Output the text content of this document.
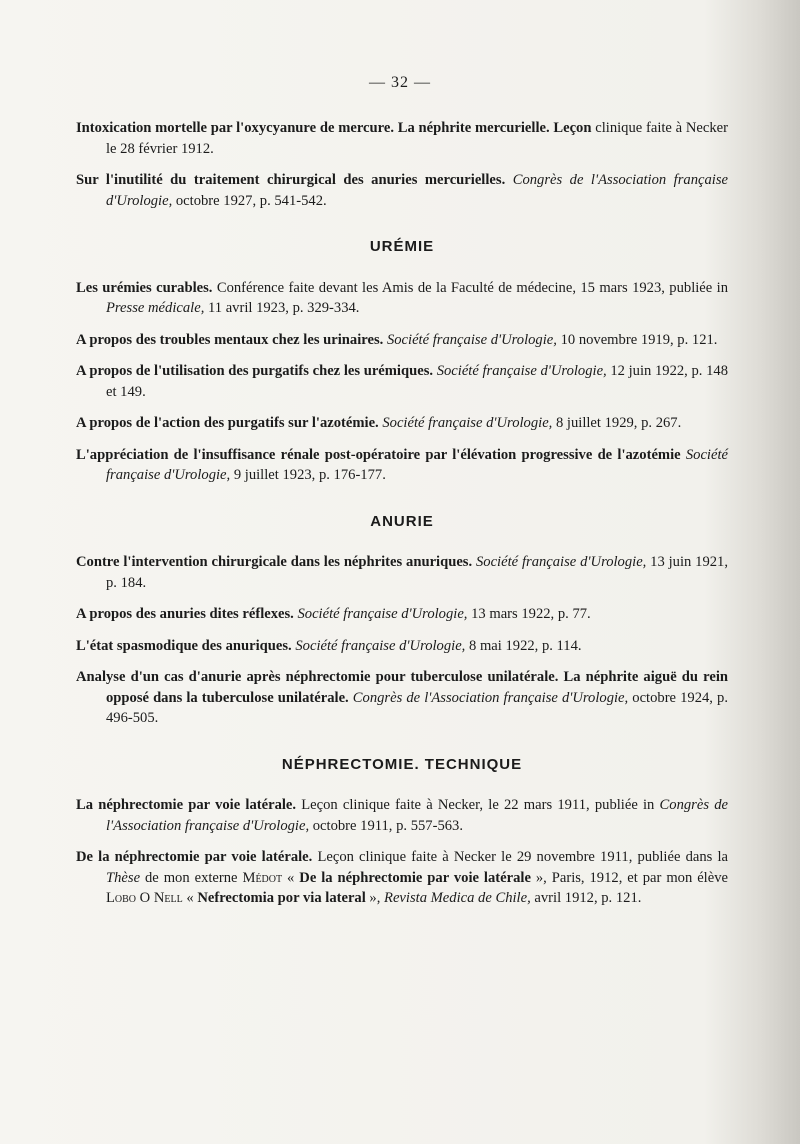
— 32 —

Intoxication mortelle par l'oxycyanure de mercure. La néphrite mercurielle. Leçon clinique faite à Necker le 28 février 1912.

Sur l'inutilité du traitement chirurgical des anuries mercurielles. Congrès de l'Association française d'Urologie, octobre 1927, p. 541-542.

URÉMIE

Les urémies curables. Conférence faite devant les Amis de la Faculté de médecine, 15 mars 1923, publiée in Presse médicale, 11 avril 1923, p. 329-334.

A propos des troubles mentaux chez les urinaires. Société française d'Urologie, 10 novembre 1919, p. 121.

A propos de l'utilisation des purgatifs chez les urémiques. Société française d'Urologie, 12 juin 1922, p. 148 et 149.

A propos de l'action des purgatifs sur l'azotémie. Société française d'Urologie, 8 juillet 1929, p. 267.

L'appréciation de l'insuffisance rénale post-opératoire par l'élévation progressive de l'azotémie Société française d'Urologie, 9 juillet 1923, p. 176-177.

ANURIE

Contre l'intervention chirurgicale dans les néphrites anuriques. Société française d'Urologie, 13 juin 1921, p. 184.

A propos des anuries dites réflexes. Société française d'Urologie, 13 mars 1922, p. 77.

L'état spasmodique des anuriques. Société française d'Urologie, 8 mai 1922, p. 114.

Analyse d'un cas d'anurie après néphrectomie pour tuberculose unilatérale. La néphrite aiguë du rein opposé dans la tuberculose unilatérale. Congrès de l'Association française d'Urologie, octobre 1924, p. 496-505.

NÉPHRECTOMIE. TECHNIQUE

La néphrectomie par voie latérale. Leçon clinique faite à Necker, le 22 mars 1911, publiée in Congrès de l'Association française d'Urologie, octobre 1911, p. 557-563.

De la néphrectomie par voie latérale. Leçon clinique faite à Necker le 29 novembre 1911, publiée dans la Thèse de mon externe Médot « De la néphrectomie par voie latérale », Paris, 1912, et par mon élève Lobo O Nell « Nefrectomia por via lateral », Revista Medica de Chile, avril 1912, p. 121.
